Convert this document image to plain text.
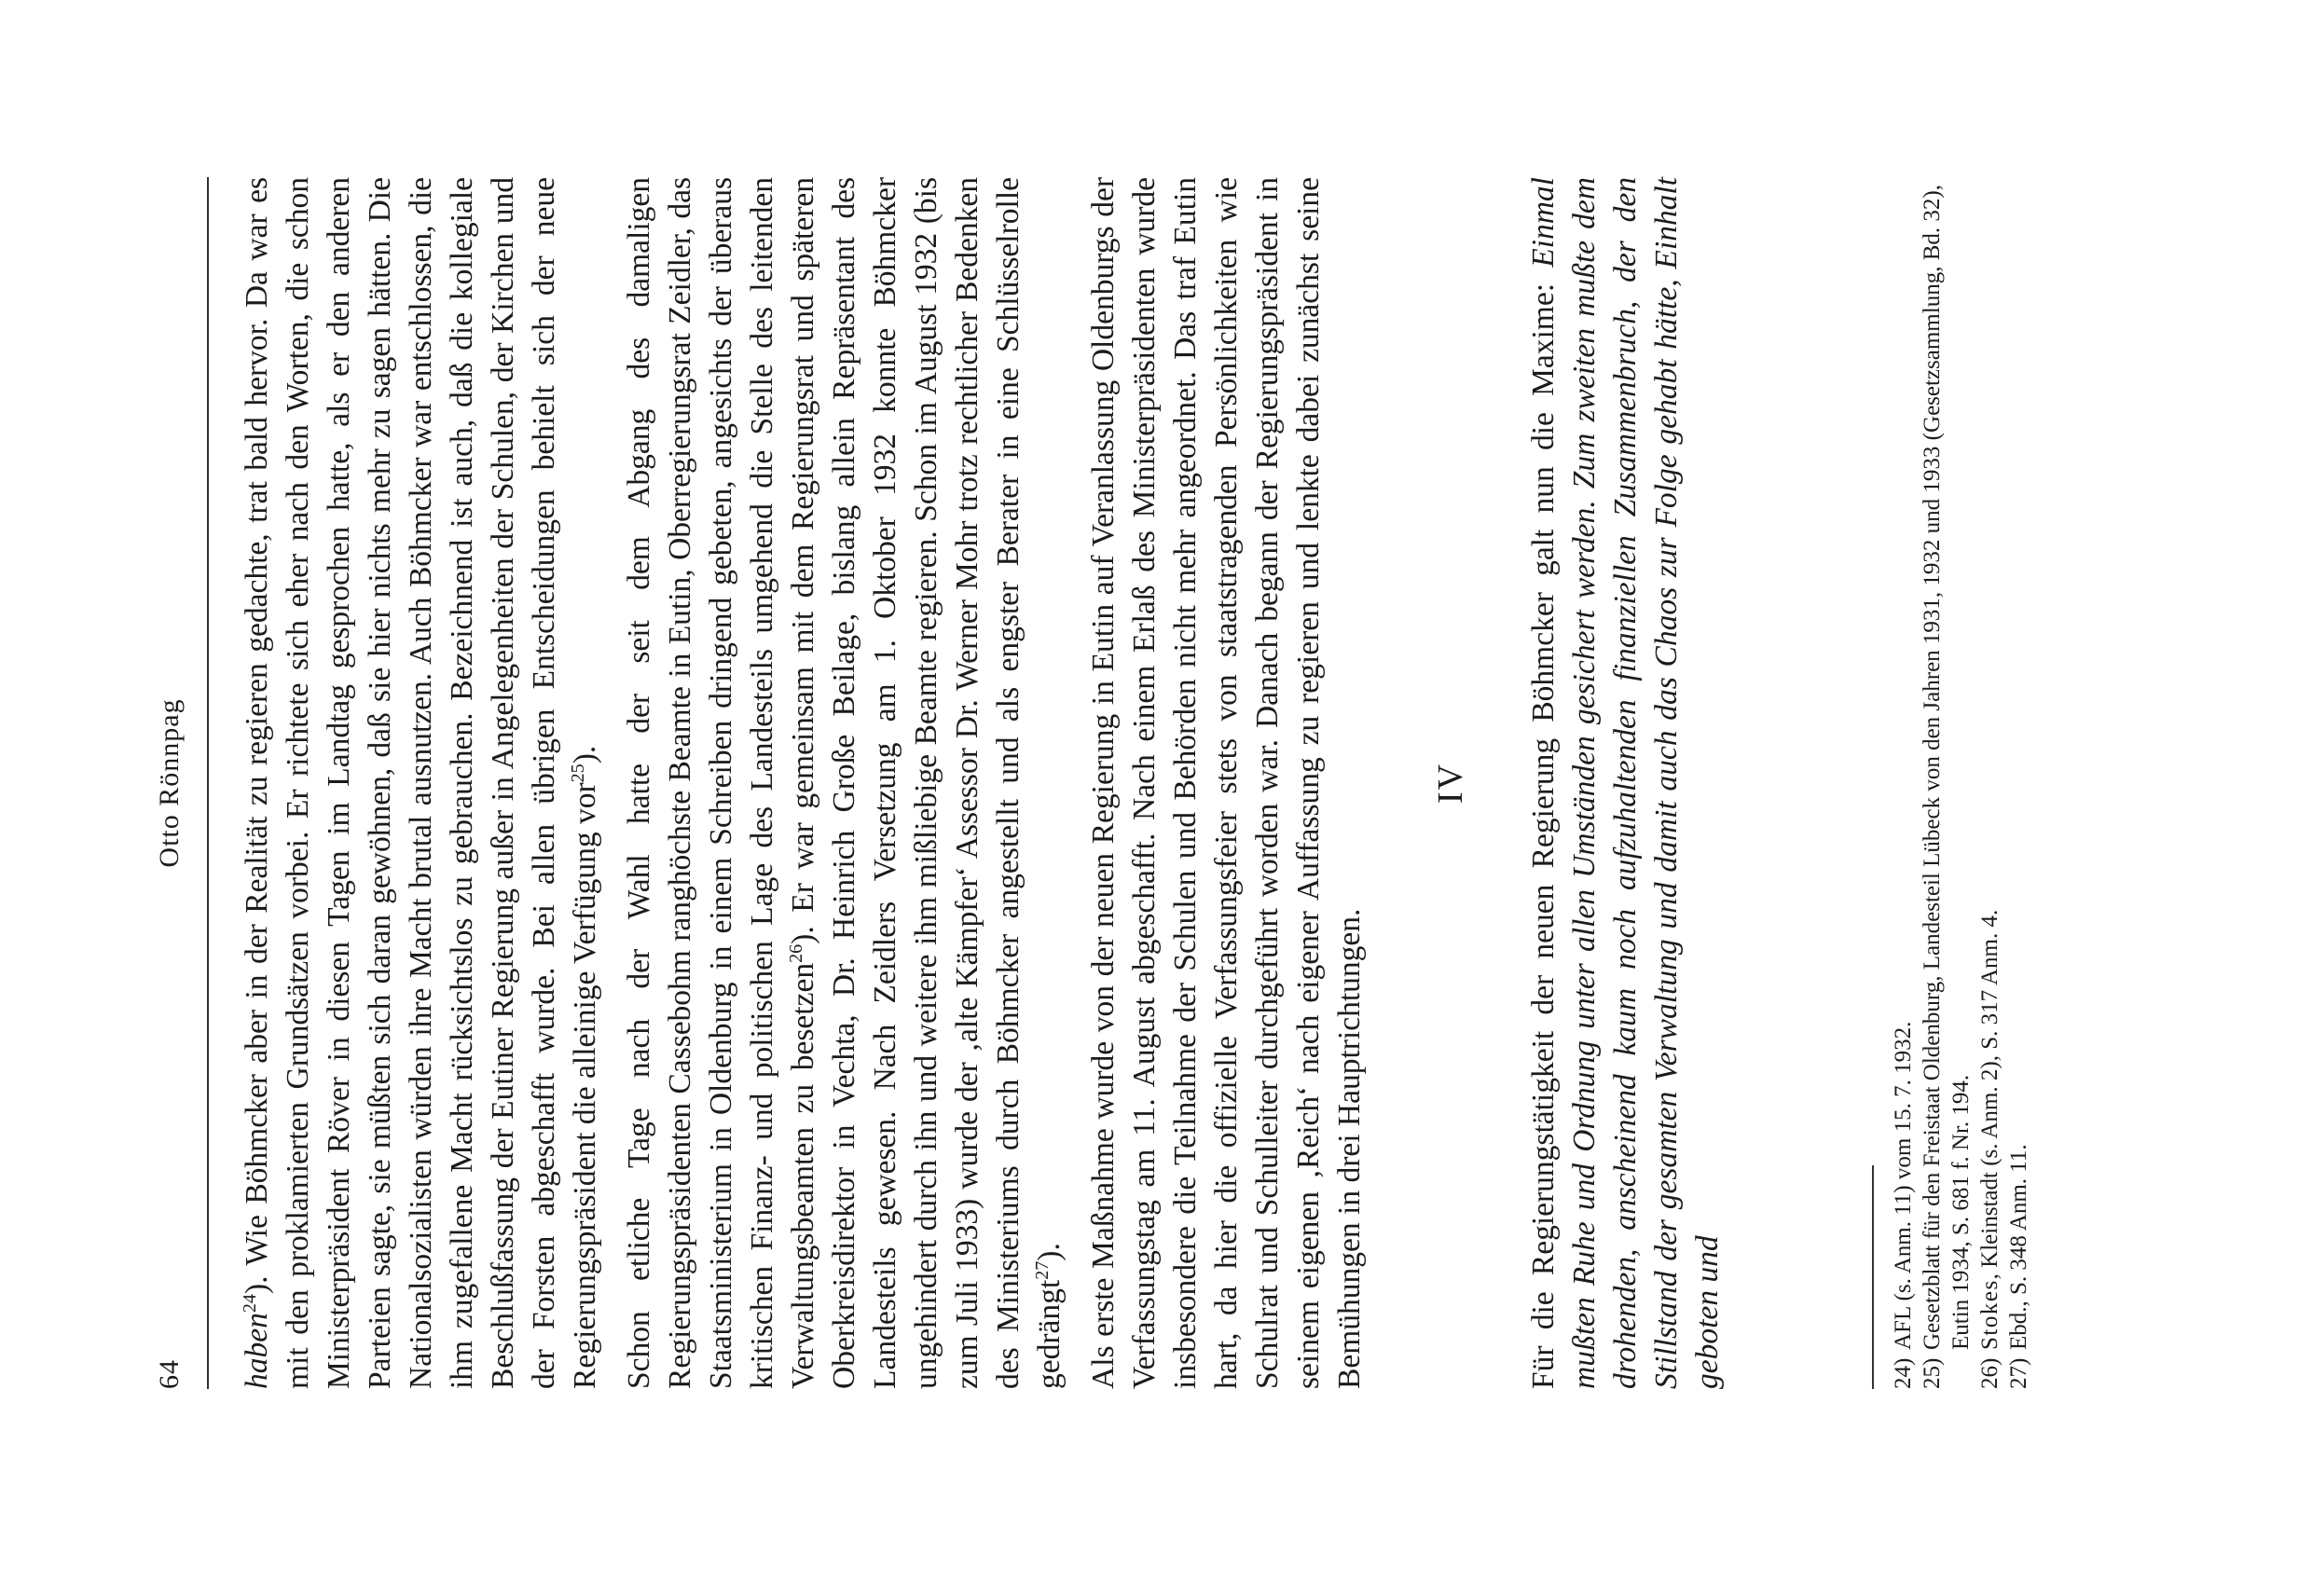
64
Otto Rönnpag

haben$^{24}$). Wie Böhmcker aber in der Realität zu regieren gedachte, trat bald hervor. Da war es mit den proklamierten Grundsätzen vorbei. Er richtete sich eher nach den Worten, die schon Ministerpräsident Röver in diesen Tagen im Landtag gesprochen hatte, als er den anderen Parteien sagte, sie müßten sich daran gewöhnen, daß sie hier nichts mehr zu sagen hätten. Die Nationalsozialisten würden ihre Macht brutal ausnutzen. Auch Böhmcker war entschlossen, die ihm zugefallene Macht rücksichtslos zu gebrauchen. Bezeichnend ist auch, daß die kollegiale Beschlußfassung der Eutiner Regierung außer in Angelegenheiten der Schulen, der Kirchen und der Forsten abgeschafft wurde. Bei allen übrigen Entscheidungen behielt sich der neue Regierungspräsident die alleinige Verfügung vor$^{25}$). Schon etliche Tage nach der Wahl hatte der seit dem Abgang des damaligen Regierungspräsidenten Cassebohm ranghöchste Beamte in Eutin, Oberregierungsrat Zeidler, das Staatsministerium in Oldenburg in einem Schreiben dringend gebeten, angesichts der überaus kritischen Finanz- und politischen Lage des Landesteils umgehend die Stelle des leitenden Verwaltungsbeamten zu besetzen$^{26}$). Er war gemeinsam mit dem Regierungsrat und späteren Oberkreisdirektor in Vechta, Dr. Heinrich Große Beilage, bislang allein Repräsentant des Landesteils gewesen. Nach Zeidlers Versetzung am 1. Oktober 1932 konnte Böhmcker ungehindert durch ihn und weitere ihm mißliebige Beamte regieren. Schon im August 1932 (bis zum Juli 1933) wurde der ‚alte Kämpfer‘ Assessor Dr. Werner Mohr trotz rechtlicher Bedenken des Ministeriums durch Böhmcker angestellt und als engster Berater in eine Schlüsselrolle gedrängt$^{27}$). Als erste Maßnahme wurde von der neuen Regierung in Eutin auf Veranlassung Oldenburgs der Verfassungstag am 11. August abgeschafft. Nach einem Erlaß des Ministerpräsidenten wurde insbesondere die Teilnahme der Schulen und Behörden nicht mehr angeordnet. Das traf Eutin hart, da hier die offizielle Verfassungsfeier stets von staatstragenden Persönlichkeiten wie Schulrat und Schulleiter durchgeführt worden war. Danach begann der Regierungspräsident in seinem eigenen ‚Reich‘ nach eigener Auffassung zu regieren und lenkte dabei zunächst seine Bemühungen in drei Hauptrichtungen.

IV Für die Regierungstätigkeit der neuen Regierung Böhmcker galt nun die Maxime: Einmal mußten Ruhe und Ordnung unter allen Umständen gesichert werden. Zum zweiten mußte dem drohenden, anscheinend kaum noch aufzuhaltenden finanziellen Zusammenbruch, der den Stillstand der gesamten Verwaltung und damit auch das Chaos zur Folge gehabt hätte, Einhalt geboten und	24)
AFL (s. Anm. 11) vom 15. 7. 1932.
25)
Gesetzblatt für den Freistaat Oldenburg, Landesteil Lübeck von den Jahren 1931, 1932 und 1933 (Gesetzsammlung, Bd. 32), Eutin 1934, S. 681 f. Nr. 194.
26)
Stokes, Kleinstadt (s. Anm. 2), S. 317 Anm. 4.
27)
Ebd., S. 348 Anm. 11.
